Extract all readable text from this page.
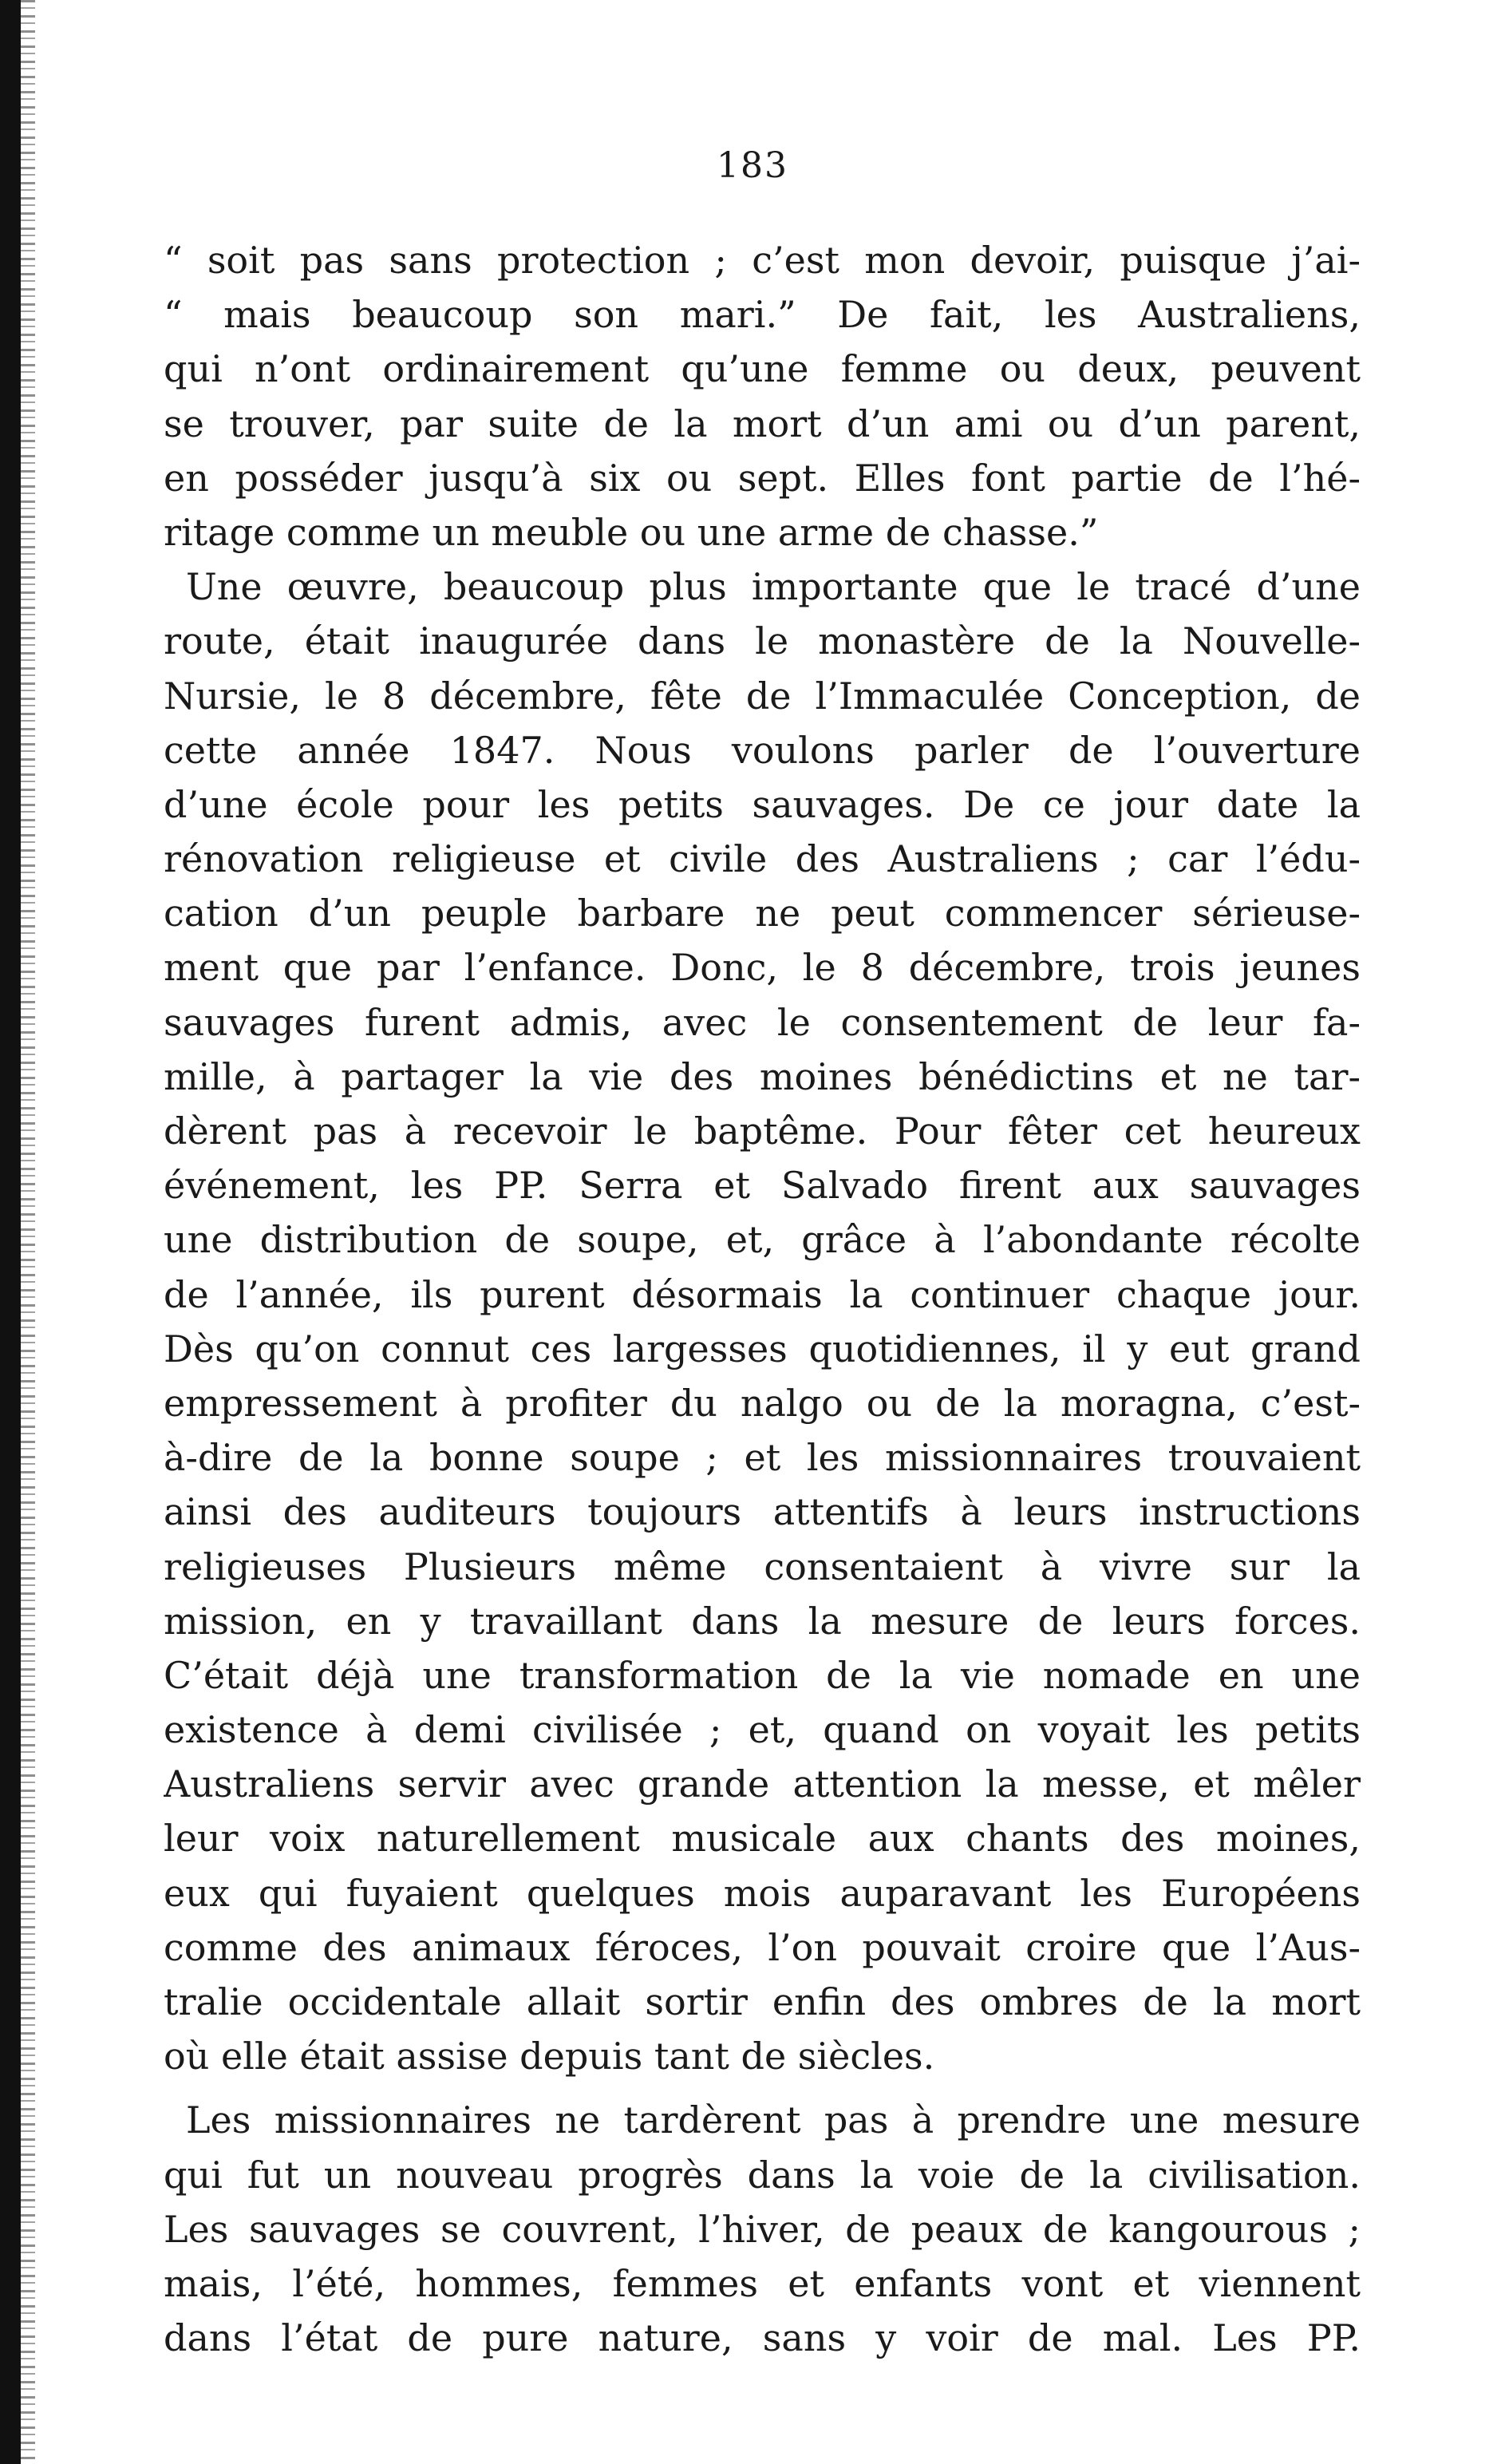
183
“ soit pas sans protection ; c’est mon devoir, puisque j’ai-
“ mais beaucoup son mari.” De fait, les Australiens,
qui n’ont ordinairement qu’une femme ou deux, peuvent
se trouver, par suite de la mort d’un ami ou d’un parent,
en posséder jusqu’à six ou sept. Elles font partie de l’hé-
ritage comme un meuble ou une arme de chasse.”
Une œuvre, beaucoup plus importante que le tracé d’une
route, était inaugurée dans le monastère de la Nouvelle-
Nursie, le 8 décembre, fête de l’Immaculée Conception, de
cette année 1847. Nous voulons parler de l’ouverture
d’une école pour les petits sauvages. De ce jour date la
rénovation religieuse et civile des Australiens ; car l’édu-
cation d’un peuple barbare ne peut commencer sérieuse-
ment que par l’enfance. Donc, le 8 décembre, trois jeunes
sauvages furent admis, avec le consentement de leur fa-
mille, à partager la vie des moines bénédictins et ne tar-
dèrent pas à recevoir le baptême. Pour fêter cet heureux
événement, les PP. Serra et Salvado firent aux sauvages
une distribution de soupe, et, grâce à l’abondante récolte
de l’année, ils purent désormais la continuer chaque jour.
Dès qu’on connut ces largesses quotidiennes, il y eut grand
empressement à profiter du nalgo ou de la moragna, c’est-
à-dire de la bonne soupe ; et les missionnaires trouvaient
ainsi des auditeurs toujours attentifs à leurs instructions
religieuses Plusieurs même consentaient à vivre sur la
mission, en y travaillant dans la mesure de leurs forces.
C’était déjà une transformation de la vie nomade en une
existence à demi civilisée ; et, quand on voyait les petits
Australiens servir avec grande attention la messe, et mêler
leur voix naturellement musicale aux chants des moines,
eux qui fuyaient quelques mois auparavant les Européens
comme des animaux féroces, l’on pouvait croire que l’Aus-
tralie occidentale allait sortir enfin des ombres de la mort
où elle était assise depuis tant de siècles.
Les missionnaires ne tardèrent pas à prendre une mesure
qui fut un nouveau progrès dans la voie de la civilisation.
Les sauvages se couvrent, l’hiver, de peaux de kangourous ;
mais, l’été, hommes, femmes et enfants vont et viennent
dans l’état de pure nature, sans y voir de mal. Les PP.
